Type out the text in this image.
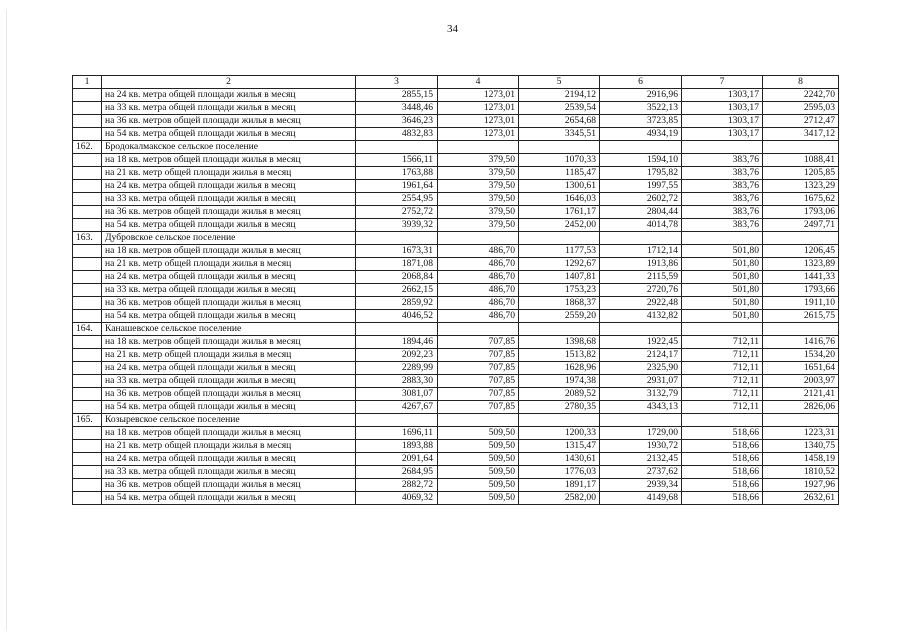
34
1	2	3	4	5	6	7	8
	на 24 кв. метра общей площади жилья в месяц	2855,15	1273,01	2194,12	2916,96	1303,17	2242,70
	на 33 кв. метра общей площади жилья в месяц	3448,46	1273,01	2539,54	3522,13	1303,17	2595,03
	на 36 кв. метров общей площади жилья в месяц	3646,23	1273,01	2654,68	3723,85	1303,17	2712,47
	на 54 кв. метра общей площади жилья в месяц	4832,83	1273,01	3345,51	4934,19	1303,17	3417,12
162.	Бродокалмакское сельское поселение						
	на 18 кв. метров общей площади жилья в месяц	1566,11	379,50	1070,33	1594,10	383,76	1088,41
	на 21 кв. метр общей площади жилья в месяц	1763,88	379,50	1185,47	1795,82	383,76	1205,85
	на 24 кв. метра общей площади жилья в месяц	1961,64	379,50	1300,61	1997,55	383,76	1323,29
	на 33 кв. метра общей площади жилья в месяц	2554,95	379,50	1646,03	2602,72	383,76	1675,62
	на 36 кв. метров общей площади жилья в месяц	2752,72	379,50	1761,17	2804,44	383,76	1793,06
	на 54 кв. метра общей площади жилья в месяц	3939,32	379,50	2452,00	4014,78	383,76	2497,71
163.	Дубровское сельское поселение						
	на 18 кв. метров общей площади жилья в месяц	1673,31	486,70	1177,53	1712,14	501,80	1206,45
	на 21 кв. метр общей площади жилья в месяц	1871,08	486,70	1292,67	1913,86	501,80	1323,89
	на 24 кв. метра общей площади жилья в месяц	2068,84	486,70	1407,81	2115,59	501,80	1441,33
	на 33 кв. метра общей площади жилья в месяц	2662,15	486,70	1753,23	2720,76	501,80	1793,66
	на 36 кв. метров общей площади жилья в месяц	2859,92	486,70	1868,37	2922,48	501,80	1911,10
	на 54 кв. метра общей площади жилья в месяц	4046,52	486,70	2559,20	4132,82	501,80	2615,75
164.	Канашевское сельское поселение						
	на 18 кв. метров общей площади жилья в месяц	1894,46	707,85	1398,68	1922,45	712,11	1416,76
	на 21 кв. метр общей площади жилья в месяц	2092,23	707,85	1513,82	2124,17	712,11	1534,20
	на 24 кв. метра общей площади жилья в месяц	2289,99	707,85	1628,96	2325,90	712,11	1651,64
	на 33 кв. метра общей площади жилья в месяц	2883,30	707,85	1974,38	2931,07	712,11	2003,97
	на 36 кв. метров общей площади жилья в месяц	3081,07	707,85	2089,52	3132,79	712,11	2121,41
	на 54 кв. метра общей площади жилья в месяц	4267,67	707,85	2780,35	4343,13	712,11	2826,06
165.	Козыревское сельское поселение						
	на 18 кв. метров общей площади жилья в месяц	1696,11	509,50	1200,33	1729,00	518,66	1223,31
	на 21 кв. метр общей площади жилья в месяц	1893,88	509,50	1315,47	1930,72	518,66	1340,75
	на 24 кв. метра общей площади жилья в месяц	2091,64	509,50	1430,61	2132,45	518,66	1458,19
	на 33 кв. метра общей площади жилья в месяц	2684,95	509,50	1776,03	2737,62	518,66	1810,52
	на 36 кв. метров общей площади жилья в месяц	2882,72	509,50	1891,17	2939,34	518,66	1927,96
	на 54 кв. метра общей площади жилья в месяц	4069,32	509,50	2582,00	4149,68	518,66	2632,61
